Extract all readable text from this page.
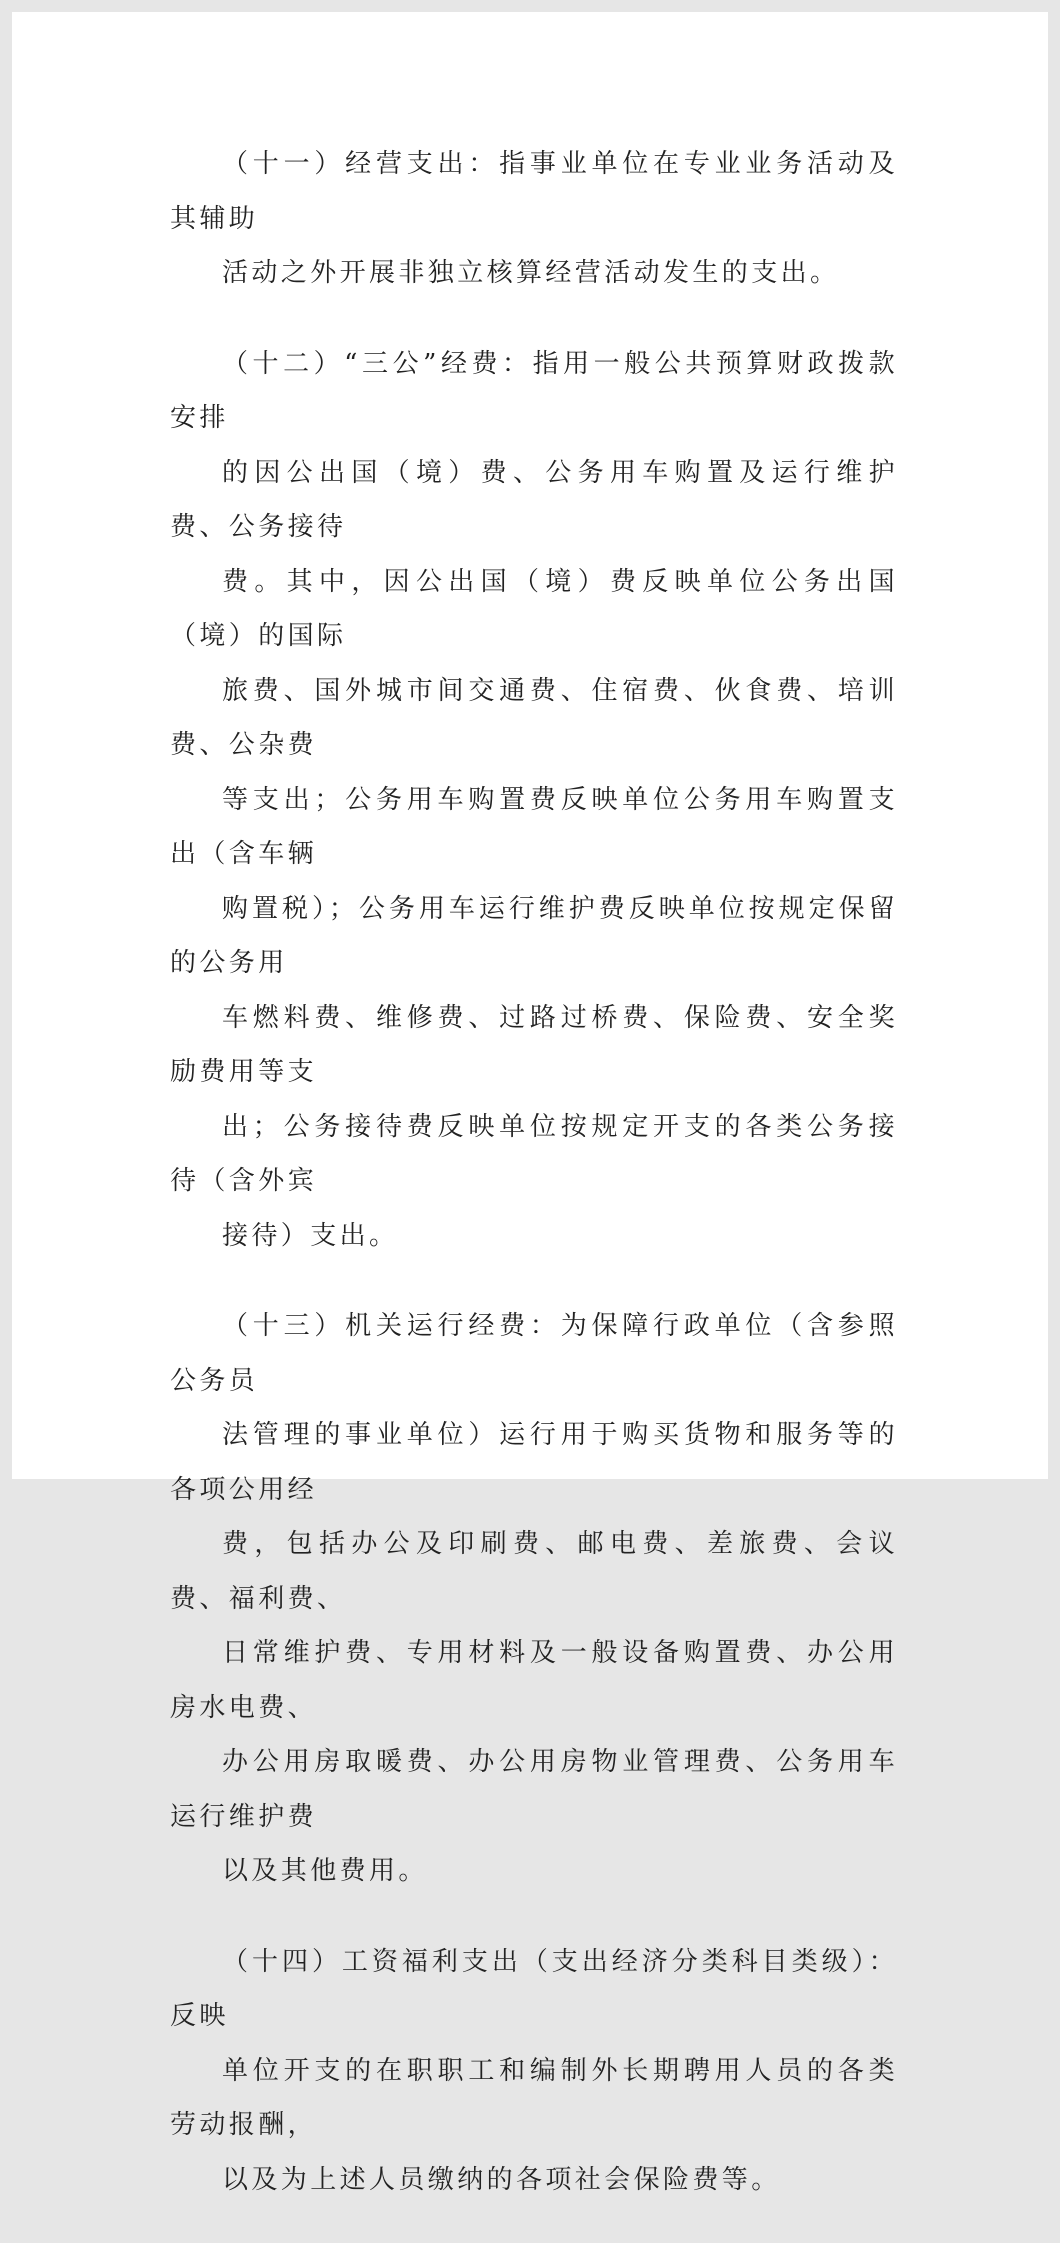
（十一）经营支出：指事业单位在专业业务活动及其辅助
活动之外开展非独立核算经营活动发生的支出。

（十二）“三公”经费：指用一般公共预算财政拨款安排
的因公出国（境）费、公务用车购置及运行维护费、公务接待
费。其中，因公出国（境）费反映单位公务出国（境）的国际
旅费、国外城市间交通费、住宿费、伙食费、培训费、公杂费
等支出；公务用车购置费反映单位公务用车购置支出（含车辆
购置税）；公务用车运行维护费反映单位按规定保留的公务用
车燃料费、维修费、过路过桥费、保险费、安全奖励费用等支
出；公务接待费反映单位按规定开支的各类公务接待（含外宾
接待）支出。

（十三）机关运行经费：为保障行政单位（含参照公务员
法管理的事业单位）运行用于购买货物和服务等的各项公用经
费，包括办公及印刷费、邮电费、差旅费、会议费、福利费、
日常维护费、专用材料及一般设备购置费、办公用房水电费、
办公用房取暖费、办公用房物业管理费、公务用车运行维护费
以及其他费用。

（十四）工资福利支出（支出经济分类科目类级）：反映
单位开支的在职职工和编制外长期聘用人员的各类劳动报酬，
以及为上述人员缴纳的各项社会保险费等。
